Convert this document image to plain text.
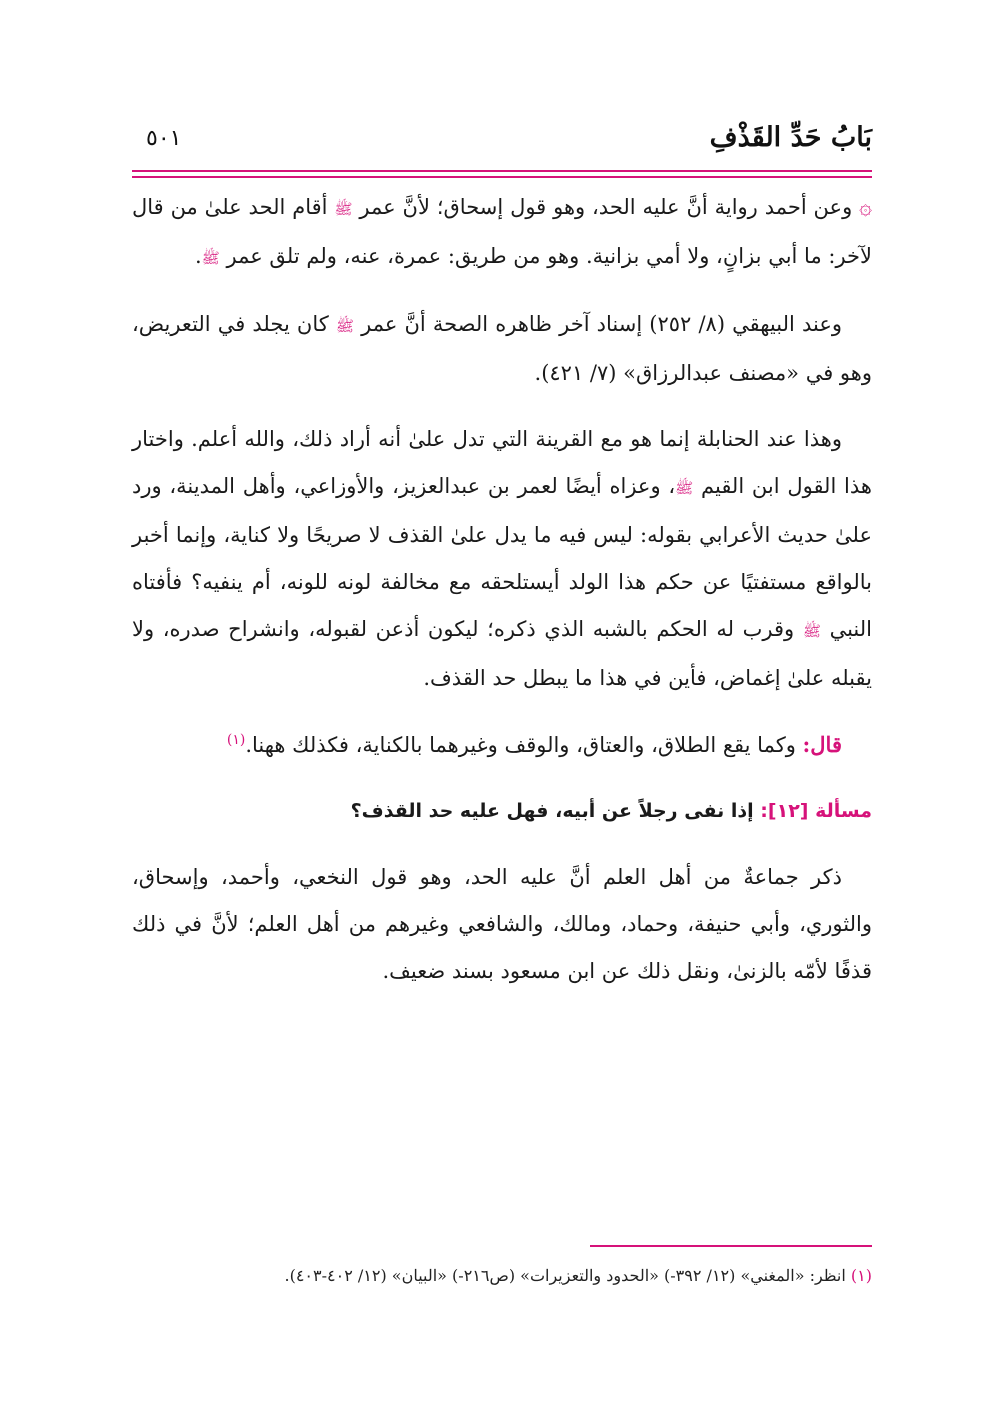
بَابُ حَدِّ القَذْفِ
٥٠١

۞ وعن أحمد رواية أنَّ عليه الحد، وهو قول إسحاق؛ لأنَّ عمر ﷺ أقام الحد علىٰ من قال لآخر: ما أبي بزانٍ، ولا أمي بزانية. وهو من طريق: عمرة، عنه، ولم تلق عمر ﷺ.

وعند البيهقي (٨/ ٢٥٢) إسناد آخر ظاهره الصحة أنَّ عمر ﷺ كان يجلد في التعريض، وهو في «مصنف عبدالرزاق» (٧/ ٤٢١).

وهذا عند الحنابلة إنما هو مع القرينة التي تدل علىٰ أنه أراد ذلك، والله أعلم. واختار هذا القول ابن القيم ﷺ، وعزاه أيضًا لعمر بن عبدالعزيز، والأوزاعي، وأهل المدينة، ورد علىٰ حديث الأعرابي بقوله: ليس فيه ما يدل علىٰ القذف لا صريحًا ولا كناية، وإنما أخبر بالواقع مستفتيًا عن حكم هذا الولد أيستلحقه مع مخالفة لونه للونه، أم ينفيه؟ فأفتاه النبي ﷺ وقرب له الحكم بالشبه الذي ذكره؛ ليكون أذعن لقبوله، وانشراح صدره، ولا يقبله علىٰ إغماض، فأين في هذا ما يبطل حد القذف.

قال: وكما يقع الطلاق، والعتاق، والوقف وغيرهما بالكناية، فكذلك ههنا.$^{(١)}$

مسألة [١٢]: إذا نفى رجلاً عن أبيه، فهل عليه حد القذف؟

ذكر جماعةٌ من أهل العلم أنَّ عليه الحد، وهو قول النخعي، وأحمد، وإسحاق، والثوري، وأبي حنيفة، وحماد، ومالك، والشافعي وغيرهم من أهل العلم؛ لأنَّ في ذلك قذفًا لأمّه بالزنىٰ، ونقل ذلك عن ابن مسعود بسند ضعيف.

(١) انظر: «المغني» (١٢/ ٣٩٢-) «الحدود والتعزيرات» (ص٢١٦-) «البيان» (١٢/ ٤٠٢-٤٠٣).
